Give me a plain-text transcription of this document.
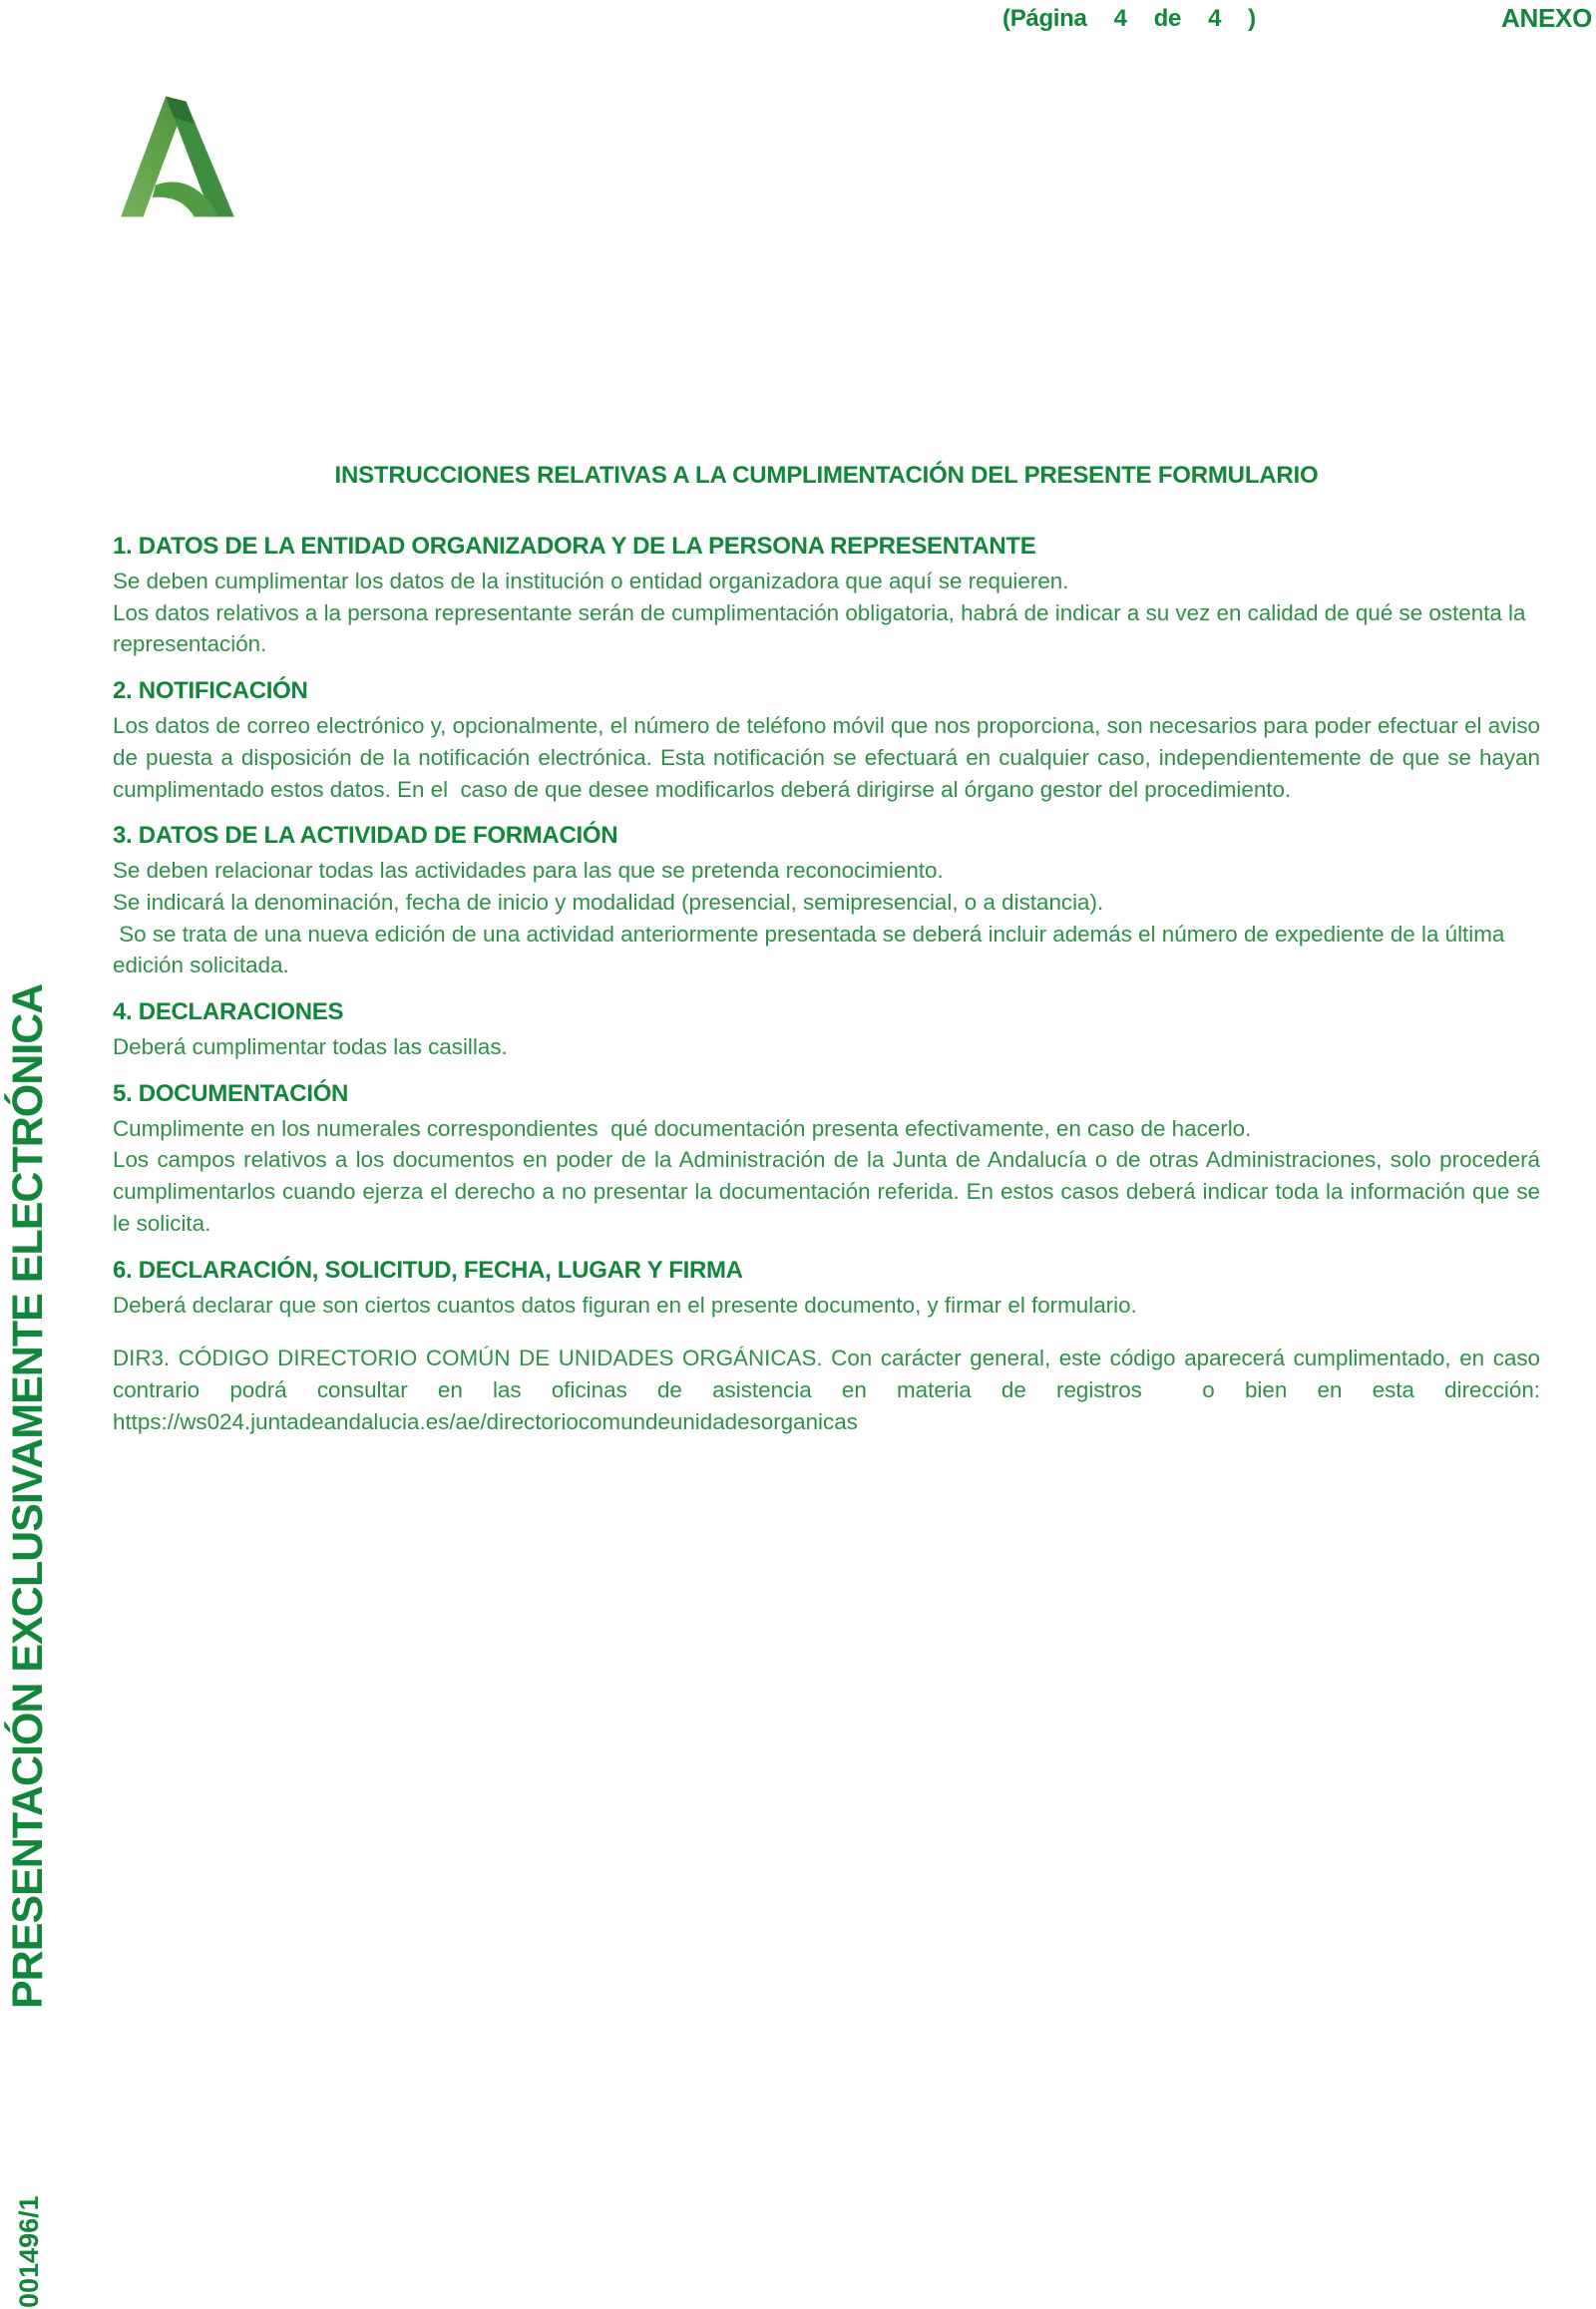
(Página 4 de 4 )	ANEXO
INSTRUCCIONES RELATIVAS A LA CUMPLIMENTACIÓN DEL PRESENTE FORMULARIO
1. DATOS DE LA ENTIDAD ORGANIZADORA Y DE LA PERSONA REPRESENTANTE

Se deben cumplimentar los datos de la institución o entidad organizadora que aquí se requieren.

Los datos relativos a la persona representante serán de cumplimentación obligatoria, habrá de indicar a su vez en calidad de qué se ostenta la representación.

2. NOTIFICACIÓN

Los datos de correo electrónico y, opcionalmente, el número de teléfono móvil que nos proporciona, son necesarios para poder efectuar el aviso de puesta a disposición de la notificación electrónica. Esta notificación se efectuará en cualquier caso, independientemente de que se hayan cumplimentado estos datos. En el  caso de que desee modificarlos deberá dirigirse al órgano gestor del procedimiento.

3. DATOS DE LA ACTIVIDAD DE FORMACIÓN

Se deben relacionar todas las actividades para las que se pretenda reconocimiento.

Se indicará la denominación, fecha de inicio y modalidad (presencial, semipresencial, o a distancia).

So se trata de una nueva edición de una actividad anteriormente presentada se deberá incluir además el número de expediente de la última edición solicitada.

4. DECLARACIONES

Deberá cumplimentar todas las casillas.

5. DOCUMENTACIÓN

Cumplimente en los numerales correspondientes  qué documentación presenta efectivamente, en caso de hacerlo.

Los campos relativos a los documentos en poder de la Administración de la Junta de Andalucía o de otras Administraciones, solo procederá cumplimentarlos cuando ejerza el derecho a no presentar la documentación referida. En estos casos deberá indicar toda la información que se le solicita.

6. DECLARACIÓN, SOLICITUD, FECHA, LUGAR Y FIRMA

Deberá declarar que son ciertos cuantos datos figuran en el presente documento, y firmar el formulario.

DIR3. CÓDIGO DIRECTORIO COMÚN DE UNIDADES ORGÁNICAS. Con carácter general, este código aparecerá cumplimentado, en caso contrario podrá consultar en las oficinas de asistencia en materia de registros  o bien en esta dirección:  https://ws024.juntadeandalucia.es/ae/directoriocomundeunidadesorganicas

PRESENTACIÓN EXCLUSIVAMENTE ELECTRÓNICA
001496/1
